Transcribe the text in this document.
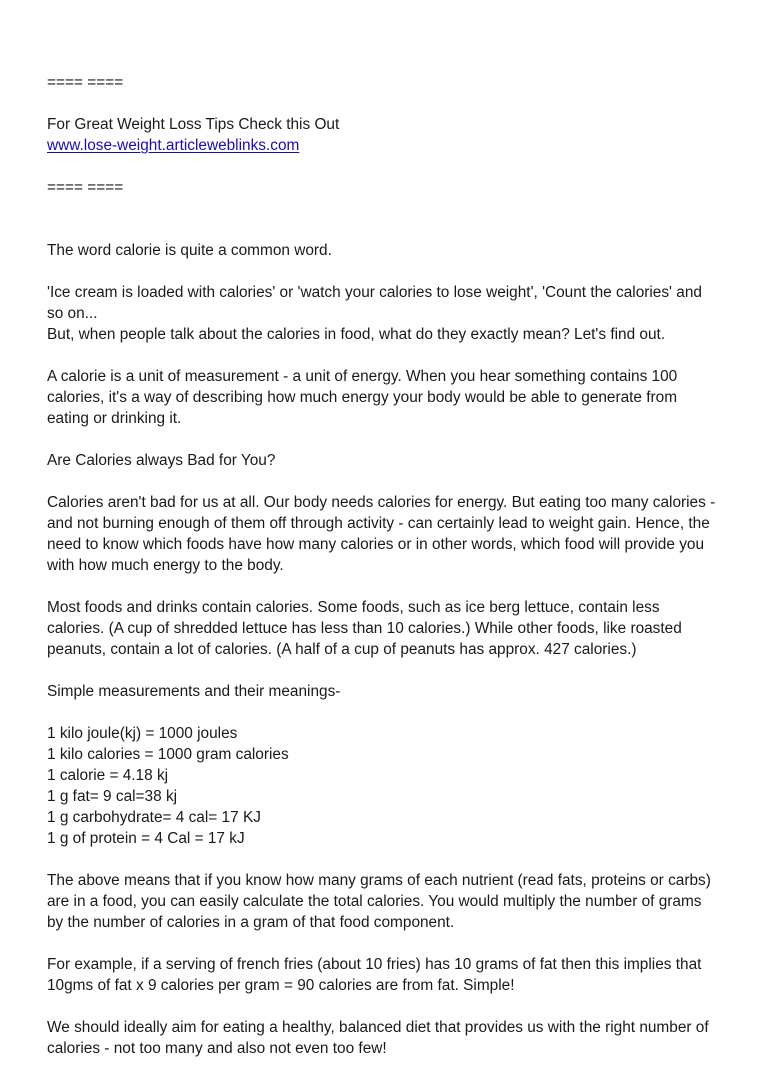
==== ====

For Great Weight Loss Tips Check this Out

www.lose-weight.articleweblinks.com

==== ====

The word calorie is quite a common word.

'Ice cream is loaded with calories' or 'watch your calories to lose weight', 'Count the calories' and

so on...

But, when people talk about the calories in food, what do they exactly mean? Let's find out.

A calorie is a unit of measurement - a unit of energy. When you hear something contains 100
calories, it's a way of describing how much energy your body would be able to generate from
eating or drinking it.

Are Calories always Bad for You?

Calories aren't bad for us at all. Our body needs calories for energy. But eating too many calories -
and not burning enough of them off through activity - can certainly lead to weight gain. Hence, the
need to know which foods have how many calories or in other words, which food will provide you
with how much energy to the body.

Most foods and drinks contain calories. Some foods, such as ice berg lettuce, contain less
calories. (A cup of shredded lettuce has less than 10 calories.) While other foods, like roasted
peanuts, contain a lot of calories. (A half of a cup of peanuts has approx. 427 calories.)

Simple measurements and their meanings-

1 kilo joule(kj) = 1000 joules

1 kilo calories = 1000 gram calories

1 calorie = 4.18 kj

1 g fat= 9 cal=38 kj

1 g carbohydrate= 4 cal= 17 KJ

1 g of protein = 4 Cal = 17 kJ

The above means that if you know how many grams of each nutrient (read fats, proteins or carbs)
are in a food, you can easily calculate the total calories. You would multiply the number of grams
by the number of calories in a gram of that food component.

For example, if a serving of french fries (about 10 fries) has 10 grams of fat then this implies that
10gms of fat x 9 calories per gram = 90 calories are from fat. Simple!

We should ideally aim for eating a healthy, balanced diet that provides us with the right number of
calories - not too many and also not even too few!
